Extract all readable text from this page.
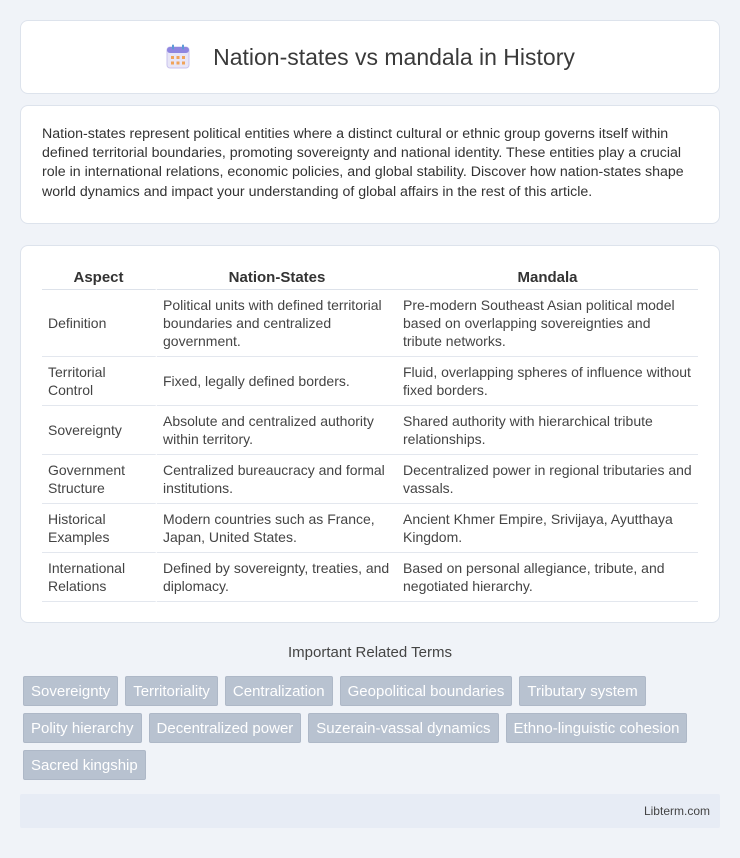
Nation-states vs mandala in History

Nation-states represent political entities where a distinct cultural or ethnic group governs itself within defined territorial boundaries, promoting sovereignty and national identity. These entities play a crucial role in international relations, economic policies, and global stability. Discover how nation-states shape world dynamics and impact your understanding of global affairs in the rest of this article.

Aspect	Nation-States	Mandala
Definition	Political units with defined territorial boundaries and centralized government.	Pre-modern Southeast Asian political model based on overlapping sovereignties and tribute networks.
Territorial Control	Fixed, legally defined borders.	Fluid, overlapping spheres of influence without fixed borders.
Sovereignty	Absolute and centralized authority within territory.	Shared authority with hierarchical tribute relationships.
Government Structure	Centralized bureaucracy and formal institutions.	Decentralized power in regional tributaries and vassals.
Historical Examples	Modern countries such as France, Japan, United States.	Ancient Khmer Empire, Srivijaya, Ayutthaya Kingdom.
International Relations	Defined by sovereignty, treaties, and diplomacy.	Based on personal allegiance, tribute, and negotiated hierarchy.
Important Related Terms
Sovereignty	Territoriality	Centralization	Geopolitical boundaries	Tributary system
Polity hierarchy	Decentralized power	Suzerain-vassal dynamics	Ethno-linguistic cohesion
Sacred kingship
Libterm.com
